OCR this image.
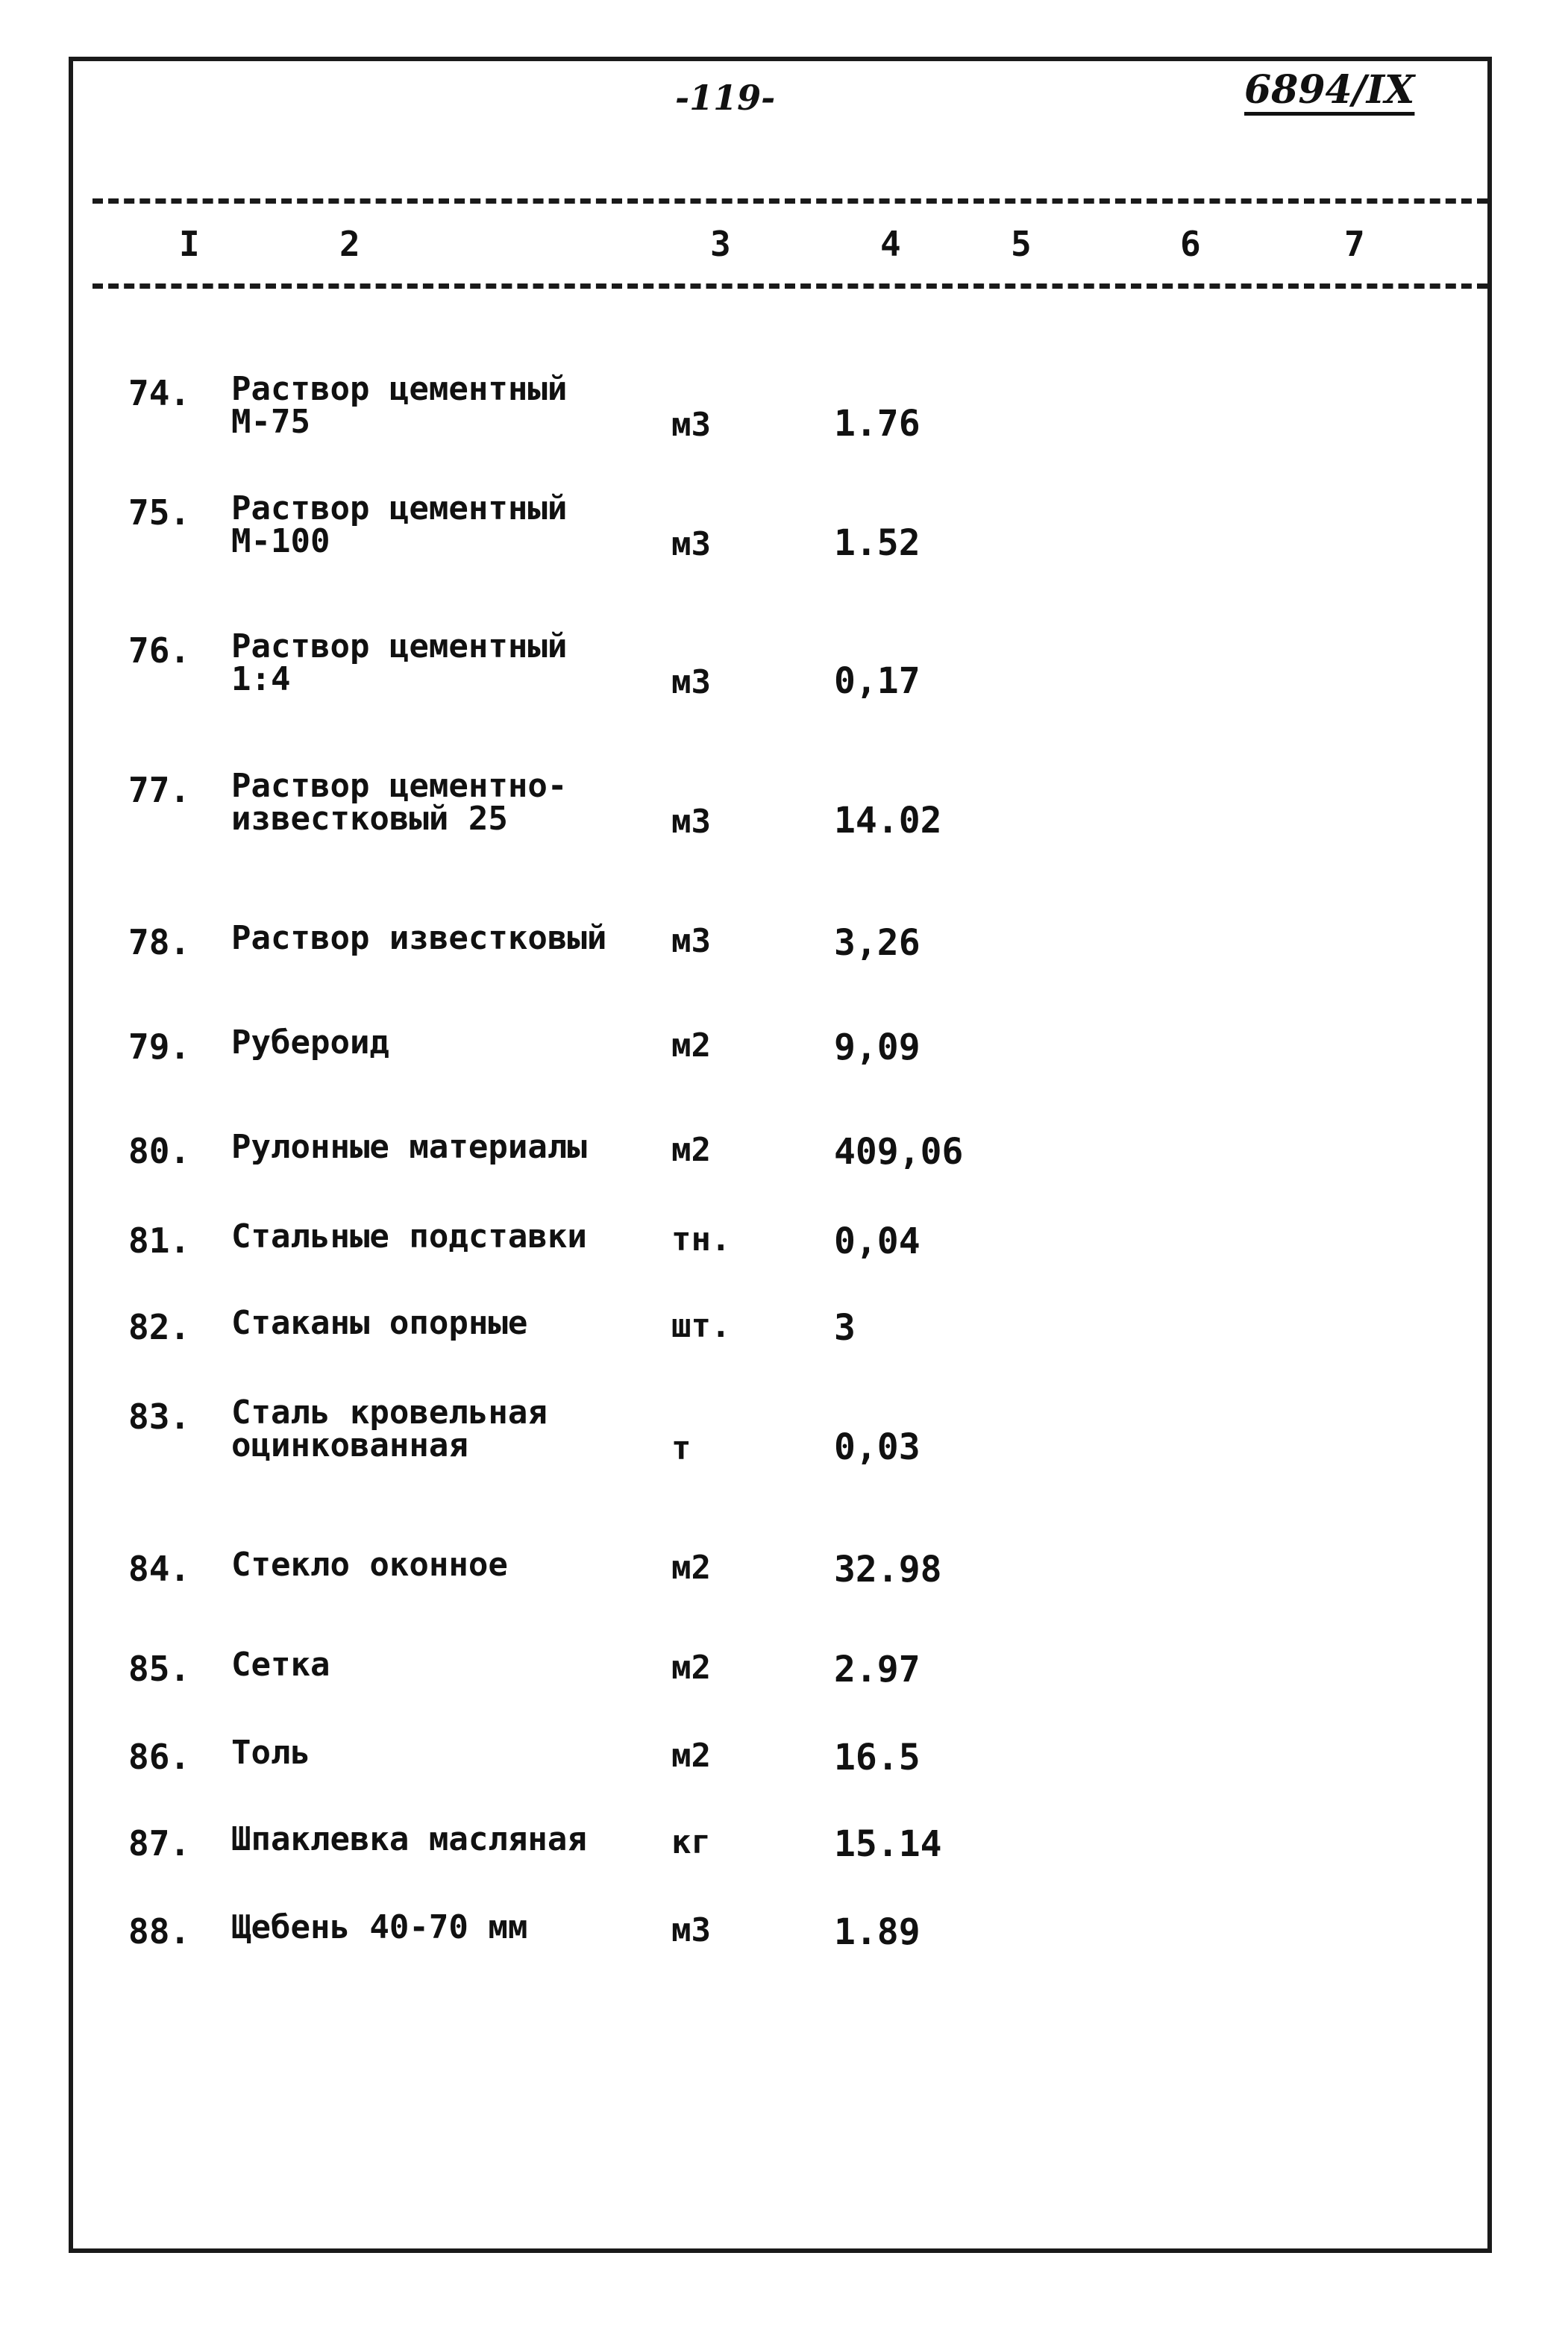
-119-	6894/IX
I	2	3	4	5	6	7
74. Раствор цементный
М-75	м3	1.76
75. Раствор цементный
М-100	м3	1.52
76. Раствор цементный
1:4	м3	0,17
77. Раствор цементно-
известковый 25	м3	14.02
78. Раствор известковый м3	3,26
79. Рубероид	м2	9,09
80. Рулонные материалы	м2	409,06
81. Стальные подставки	тн.	0,04
82. Стаканы опорные	шт.	3
83. Сталь кровельная
оцинкованная	т	0,03
84. Стекло оконное	м2	32.98
85. Сетка	м2	2.97
86. Толь	м2	16.5
87. Шпаклевка масляная	кг	15.14
88. Щебень 40-70 мм	м3	1.89
